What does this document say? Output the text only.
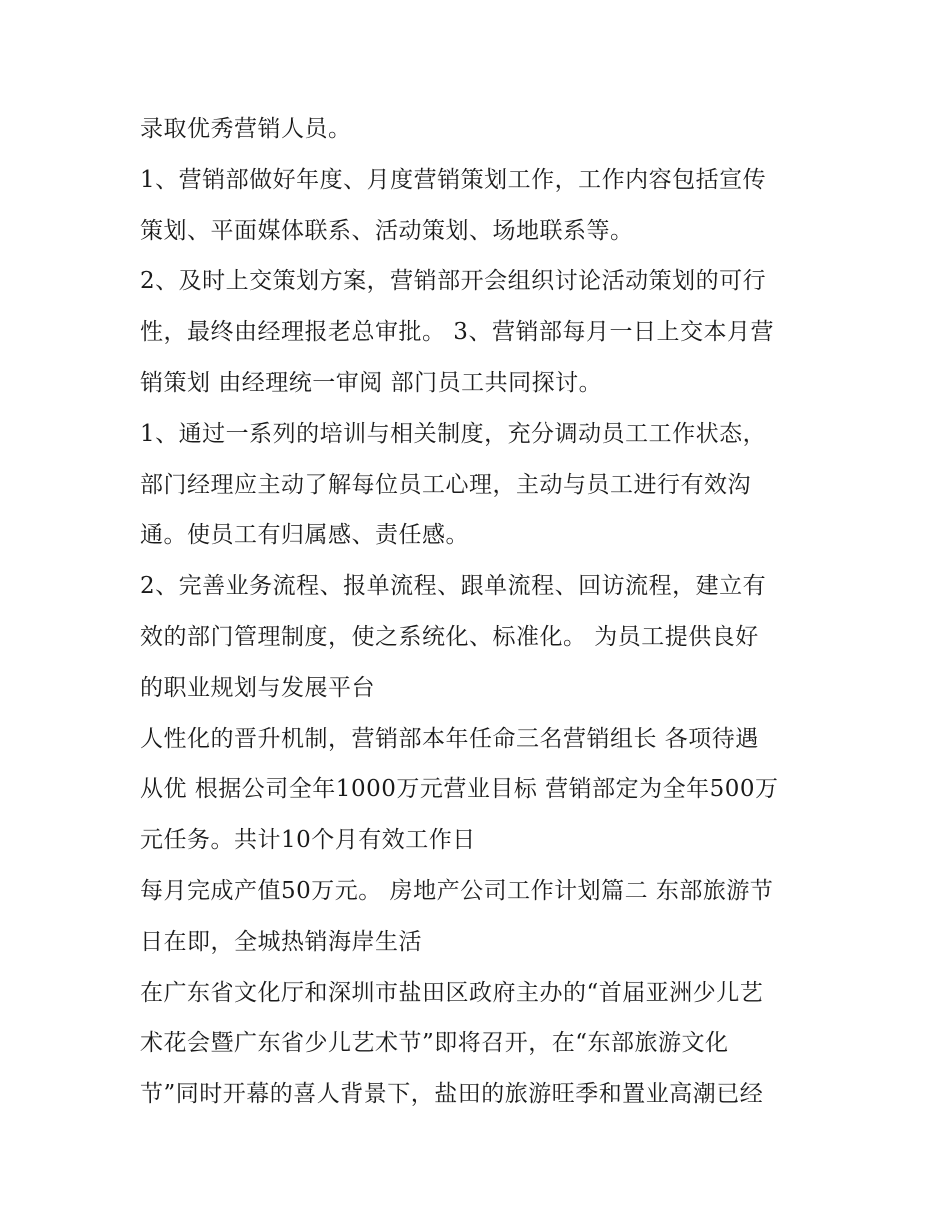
录取优秀营销人员。
1、营销部做好年度、月度营销策划工作，工作内容包括宣传
策划、平面媒体联系、活动策划、场地联系等。
2、及时上交策划方案，营销部开会组织讨论活动策划的可行
性，最终由经理报老总审批。 3、营销部每月一日上交本月营
销策划 由经理统一审阅 部门员工共同探讨。
1、通过一系列的培训与相关制度，充分调动员工工作状态，
部门经理应主动了解每位员工心理，主动与员工进行有效沟
通。使员工有归属感、责任感。
2、完善业务流程、报单流程、跟单流程、回访流程，建立有
效的部门管理制度，使之系统化、标准化。 为员工提供良好
的职业规划与发展平台
人性化的晋升机制，营销部本年任命三名营销组长 各项待遇
从优 根据公司全年1000万元营业目标 营销部定为全年500万
元任务。共计10个月有效工作日
每月完成产值50万元。 房地产公司工作计划篇二 东部旅游节
日在即，全城热销海岸生活
在广东省文化厅和深圳市盐田区政府主办的“首届亚洲少儿艺
术花会暨广东省少儿艺术节”即将召开，在“东部旅游文化
节”同时开幕的喜人背景下，盐田的旅游旺季和置业高潮已经
